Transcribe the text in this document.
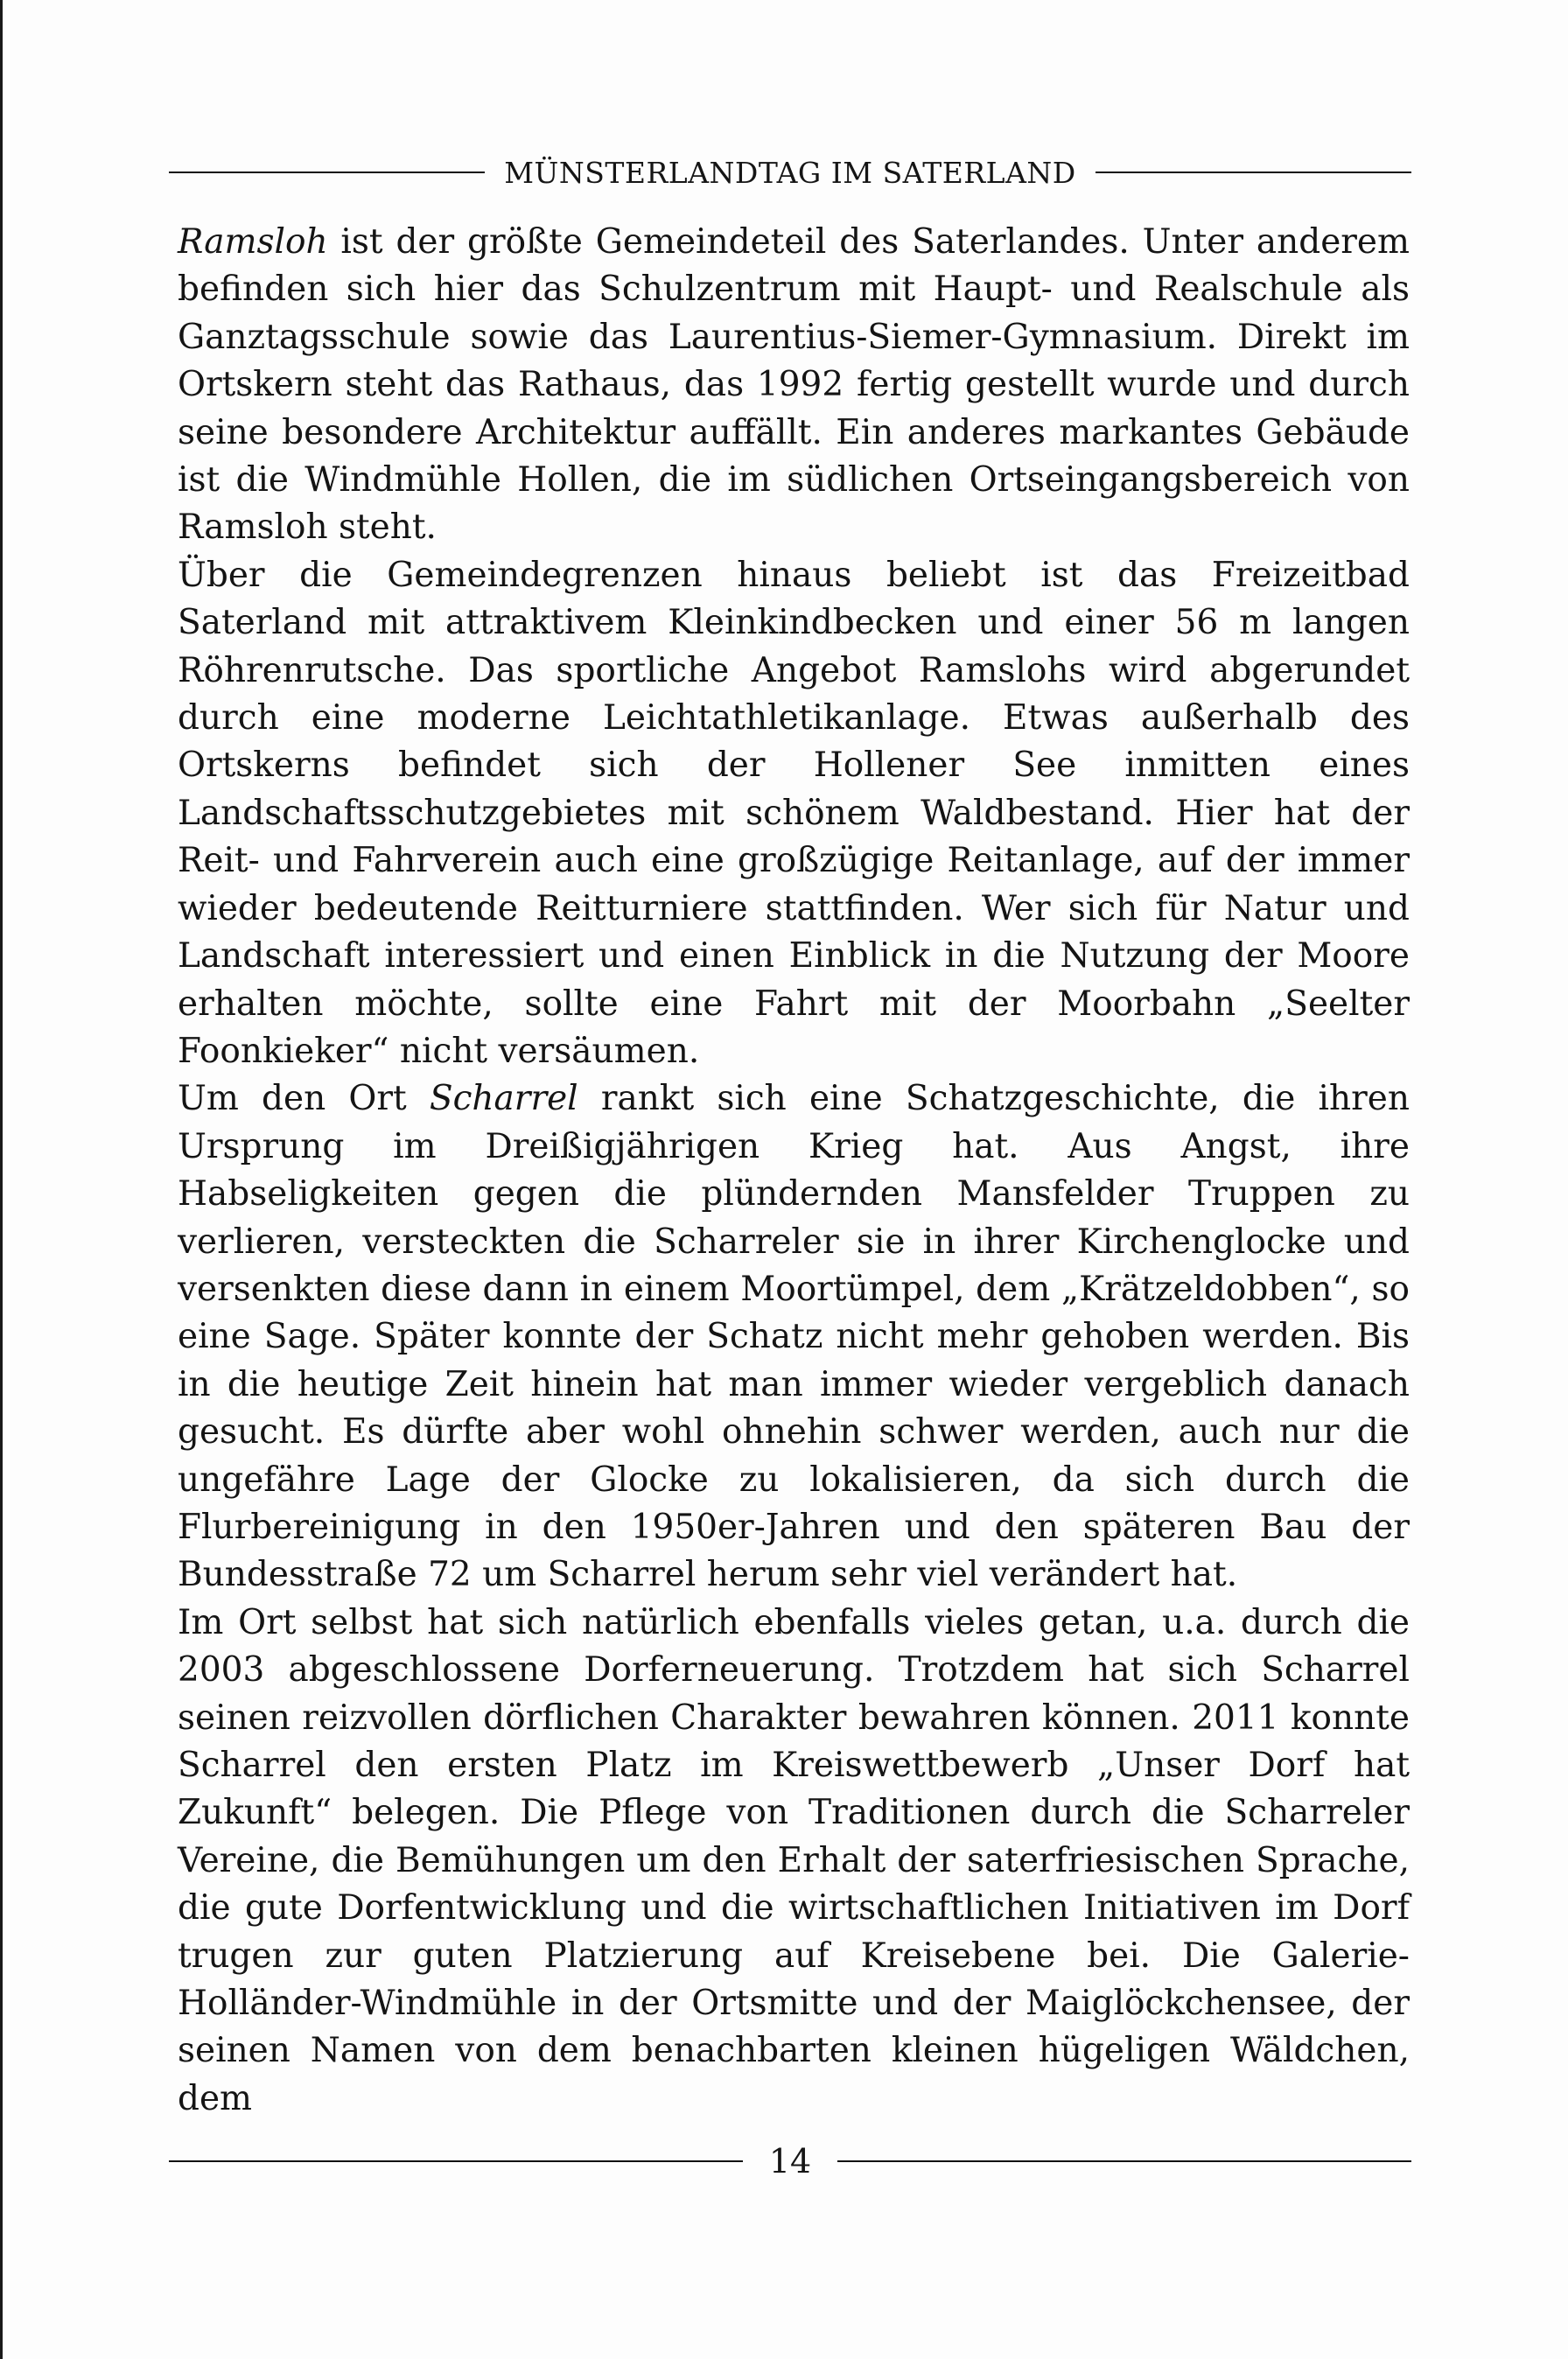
MÜNSTERLANDTAG IM SATERLAND

Ramsloh ist der größte Gemeindeteil des Saterlandes. Unter anderem befinden sich hier das Schulzentrum mit Haupt- und Realschule als Ganztagsschule sowie das Laurentius-Siemer-Gymnasium. Direkt im Ortskern steht das Rathaus, das 1992 fertig gestellt wurde und durch seine besondere Architektur auffällt. Ein anderes markantes Gebäude ist die Windmühle Hollen, die im südlichen Ortseingangsbereich von Ramsloh steht.

Über die Gemeindegrenzen hinaus beliebt ist das Freizeitbad Saterland mit attraktivem Kleinkindbecken und einer 56 m langen Röhrenrutsche. Das sportliche Angebot Ramslohs wird abgerundet durch eine moderne Leichtathletikanlage. Etwas außerhalb des Ortskerns befindet sich der Hollener See inmitten eines Landschaftsschutzgebietes mit schönem Waldbestand. Hier hat der Reit- und Fahrverein auch eine großzügige Reitanlage, auf der immer wieder bedeutende Reitturniere stattfinden. Wer sich für Natur und Landschaft interessiert und einen Einblick in die Nutzung der Moore erhalten möchte, sollte eine Fahrt mit der Moorbahn „Seelter Foonkieker“ nicht versäumen.

Um den Ort Scharrel rankt sich eine Schatzgeschichte, die ihren Ursprung im Dreißigjährigen Krieg hat. Aus Angst, ihre Habseligkeiten gegen die plündernden Mansfelder Truppen zu verlieren, versteckten die Scharreler sie in ihrer Kirchenglocke und versenkten diese dann in einem Moortümpel, dem „Krätzeldobben“, so eine Sage. Später konnte der Schatz nicht mehr gehoben werden. Bis in die heutige Zeit hinein hat man immer wieder vergeblich danach gesucht. Es dürfte aber wohl ohnehin schwer werden, auch nur die ungefähre Lage der Glocke zu lokalisieren, da sich durch die Flurbereinigung in den 1950er-Jahren und den späteren Bau der Bundesstraße 72 um Scharrel herum sehr viel verändert hat.

Im Ort selbst hat sich natürlich ebenfalls vieles getan, u.a. durch die 2003 abgeschlossene Dorferneuerung. Trotzdem hat sich Scharrel seinen reizvollen dörflichen Charakter bewahren können. 2011 konnte Scharrel den ersten Platz im Kreiswettbewerb „Unser Dorf hat Zukunft“ belegen. Die Pflege von Traditionen durch die Scharreler Vereine, die Bemühungen um den Erhalt der saterfriesischen Sprache, die gute Dorfentwicklung und die wirtschaftlichen Initiativen im Dorf trugen zur guten Platzierung auf Kreisebene bei. Die Galerie-Holländer-Windmühle in der Ortsmitte und der Maiglöckchensee, der seinen Namen von dem benachbarten kleinen hügeligen Wäldchen, dem

14
